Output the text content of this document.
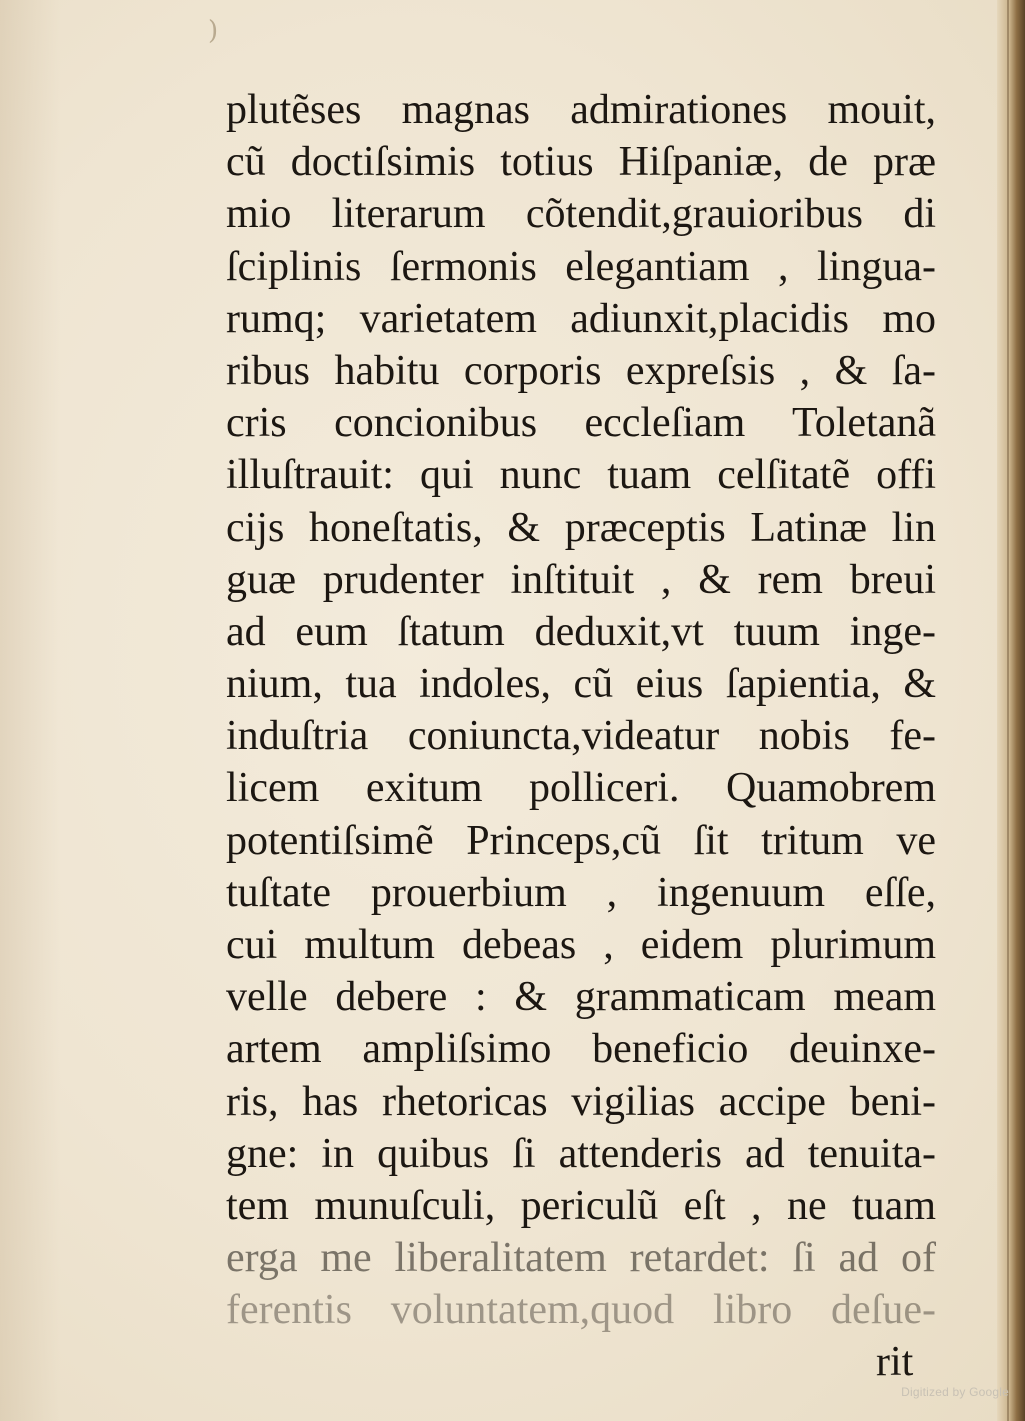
)
plutẽses magnas admirationes mouit,
cũ doctiſsimis totius Hiſpaniæ, de præ
mio literarum cõtendit,grauioribus di
ſciplinis ſermonis elegantiam , lingua-
rumq; varietatem adiunxit,placidis mo
ribus habitu corporis expreſsis , & ſa-
cris concionibus eccleſiam Toletanã
illuſtrauit: qui nunc tuam celſitatẽ offi
cijs honeſtatis, & præceptis Latinæ lin
guæ prudenter inſtituit , & rem breui
ad eum ſtatum deduxit,vt tuum inge-
nium, tua indoles, cũ eius ſapientia, &
induſtria coniuncta,videatur nobis fe-
licem exitum polliceri. Quamobrem
potentiſsimẽ Princeps,cũ ſit tritum ve
tuſtate prouerbium , ingenuum eſſe,
cui multum debeas , eidem plurimum
velle debere : & grammaticam meam
artem ampliſsimo beneficio deuinxe-
ris, has rhetoricas vigilias accipe beni-
gne: in quibus ſi attenderis ad tenuita-
tem munuſculi, periculũ eſt , ne tuam
erga me liberalitatem retardet: ſi ad of
ferentis voluntatem,quod libro deſue-
rit
Digitized by Google
